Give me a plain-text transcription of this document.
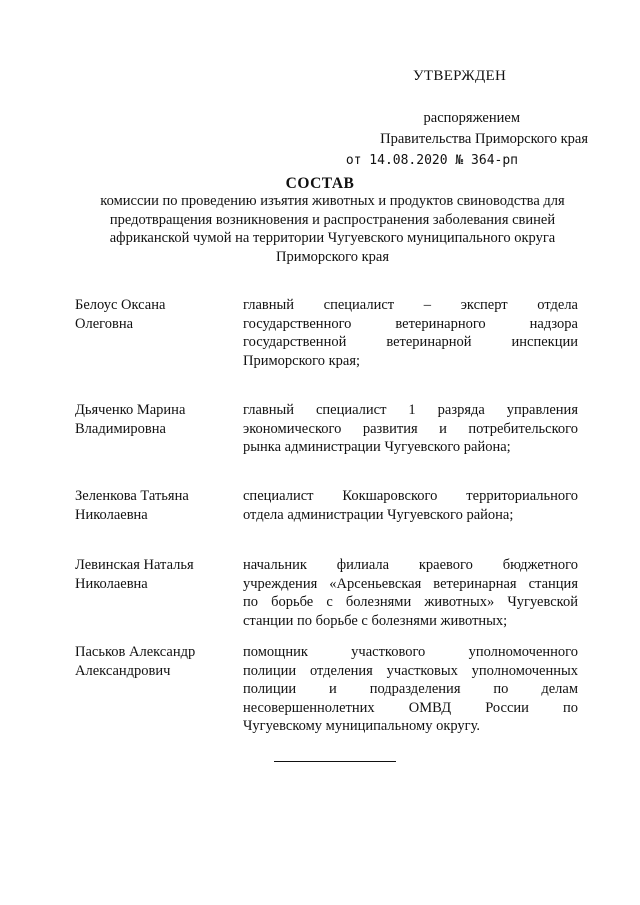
УТВЕРЖДЕН
распоряжением
Правительства Приморского края
от 14.08.2020 № 364-рп
СОСТАВ
комиссии по проведению изъятия животных и продуктов свиноводства для
предотвращения возникновения и распространения заболевания свиней
африканской чумой на территории Чугуевского муниципального округа
Приморского края
Белоус Оксана
Олеговна
главный специалист – эксперт отдела
государственного ветеринарного надзора
государственной ветеринарной инспекции
Приморского края;
Дьяченко Марина
Владимировна
главный специалист 1 разряда управления
экономического развития и потребительского
рынка администрации Чугуевского района;
Зеленкова Татьяна
Николаевна
специалист Кокшаровского территориального
отдела администрации Чугуевского района;
Левинская Наталья
Николаевна
начальник филиала краевого бюджетного
учреждения «Арсеньевская ветеринарная станция
по борьбе с болезнями животных» Чугуевской
станции по борьбе с болезнями животных;
Паськов Александр
Александрович
помощник участкового уполномоченного
полиции отделения участковых уполномоченных
полиции и подразделения по делам
несовершеннолетних ОМВД России по
Чугуевскому муниципальному округу.
